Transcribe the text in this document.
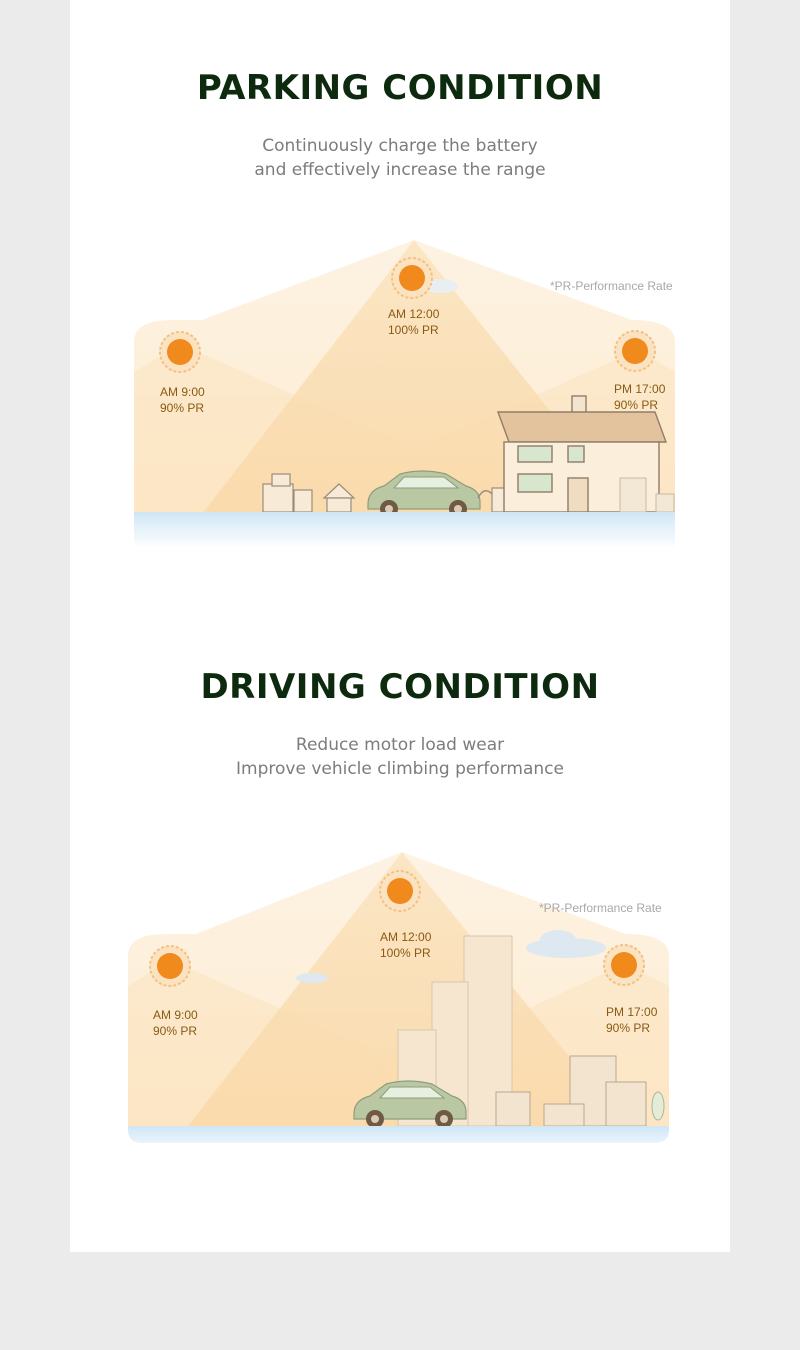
PARKING CONDITION
Continuously charge the battery
and effectively increase the range
AM 9:00
90% PR
AM 12:00
100% PR
PM 17:00
90% PR
*PR-Performance Rate
DRIVING CONDITION
Reduce motor load wear
Improve vehicle climbing performance
AM 9:00
90% PR
AM 12:00
100% PR
PM 17:00
90% PR
*PR-Performance Rate
